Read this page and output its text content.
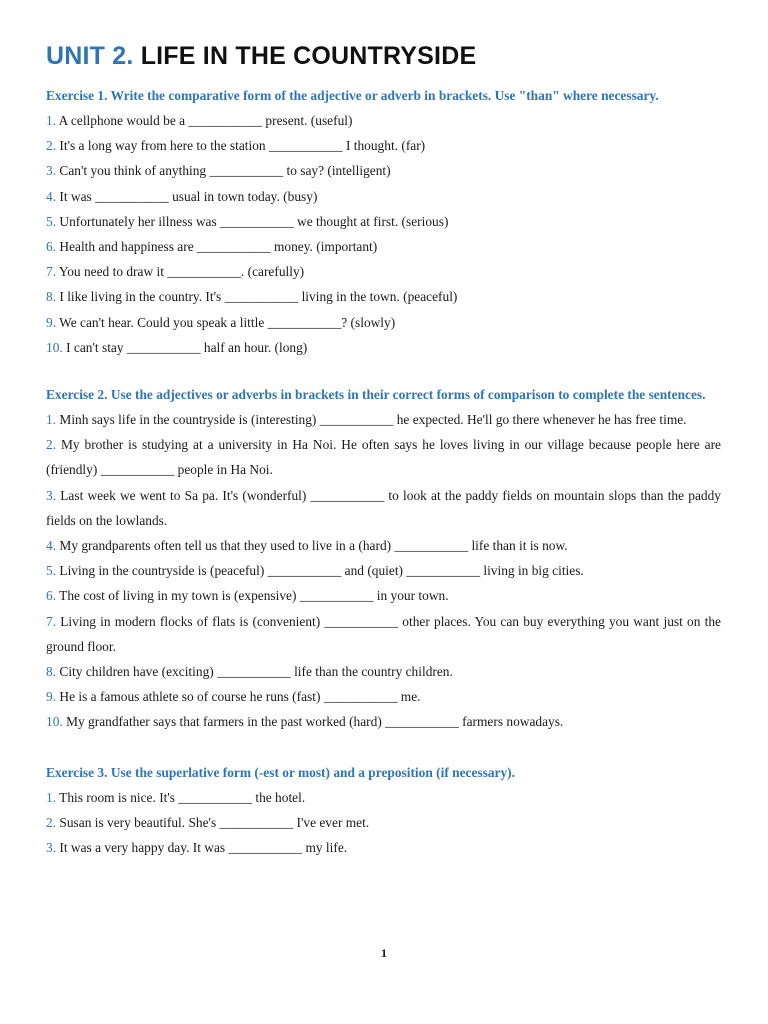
UNIT 2. LIFE IN THE COUNTRYSIDE

Exercise 1. Write the comparative form of the adjective or adverb in brackets. Use "than" where necessary.

1. A cellphone would be a ___________ present. (useful)

2. It's a long way from here to the station ___________ I thought. (far)

3. Can't you think of anything ___________ to say? (intelligent)

4. It was ___________ usual in town today. (busy)

5. Unfortunately her illness was ___________ we thought at first. (serious)

6. Health and happiness are ___________ money. (important)

7. You need to draw it ___________. (carefully)

8. I like living in the country. It's ___________ living in the town. (peaceful)

9. We can't hear. Could you speak a little ___________? (slowly)

10. I can't stay ___________ half an hour. (long)

Exercise 2. Use the adjectives or adverbs in brackets in their correct forms of comparison to complete the sentences.

1. Minh says life in the countryside is (interesting) ___________ he expected. He'll go there whenever he has free time.

2. My brother is studying at a university in Ha Noi. He often says he loves living in our village because people here are (friendly) ___________ people in Ha Noi.

3. Last week we went to Sa pa. It's (wonderful) ___________ to look at the paddy fields on mountain slops than the paddy fields on the lowlands.

4. My grandparents often tell us that they used to live in a (hard) ___________ life than it is now.

5. Living in the countryside is (peaceful) ___________ and (quiet) ___________ living in big cities.

6. The cost of living in my town is (expensive) ___________ in your town.

7. Living in modern flocks of flats is (convenient) ___________ other places. You can buy everything you want just on the ground floor.

8. City children have (exciting) ___________ life than the country children.

9. He is a famous athlete so of course he runs (fast) ___________ me.

10. My grandfather says that farmers in the past worked (hard) ___________ farmers nowadays.

Exercise 3. Use the superlative form (-est or most) and a preposition (if necessary).

1. This room is nice. It's ___________ the hotel.

2. Susan is very beautiful. She's ___________ I've ever met.

3. It was a very happy day. It was ___________ my life.

1
